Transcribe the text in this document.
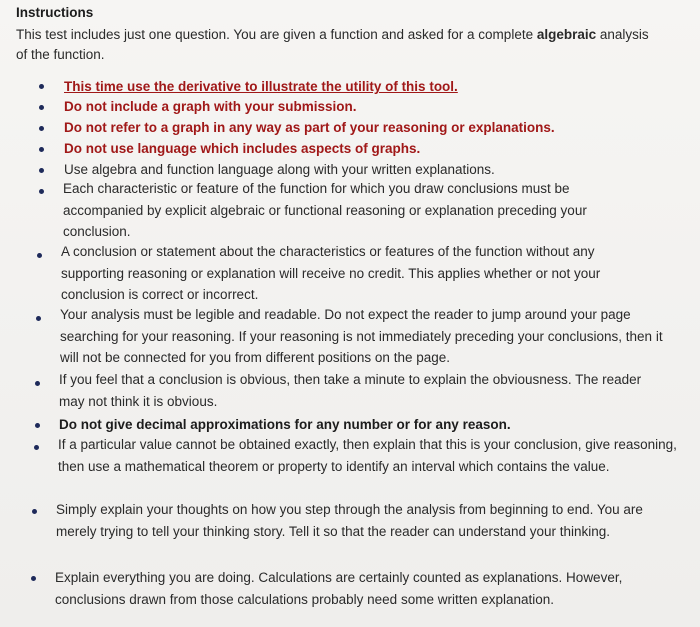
Instructions
This test includes just one question. You are given a function and asked for a complete algebraic analysis of the function.
This time use the derivative to illustrate the utility of this tool.
Do not include a graph with your submission.
Do not refer to a graph in any way as part of your reasoning or explanations.
Do not use language which includes aspects of graphs.
Use algebra and function language along with your written explanations.
Each characteristic or feature of the function for which you draw conclusions must be accompanied by explicit algebraic or functional reasoning or explanation preceding your conclusion.
A conclusion or statement about the characteristics or features of the function without any supporting reasoning or explanation will receive no credit. This applies whether or not your conclusion is correct or incorrect.
Your analysis must be legible and readable. Do not expect the reader to jump around your page searching for your reasoning. If your reasoning is not immediately preceding your conclusions, then it will not be connected for you from different positions on the page.
If you feel that a conclusion is obvious, then take a minute to explain the obviousness. The reader may not think it is obvious.
Do not give decimal approximations for any number or for any reason.
If a particular value cannot be obtained exactly, then explain that this is your conclusion, give reasoning, then use a mathematical theorem or property to identify an interval which contains the value.
Simply explain your thoughts on how you step through the analysis from beginning to end. You are merely trying to tell your thinking story. Tell it so that the reader can understand your thinking.
Explain everything you are doing. Calculations are certainly counted as explanations. However, conclusions drawn from those calculations probably need some written explanation.
